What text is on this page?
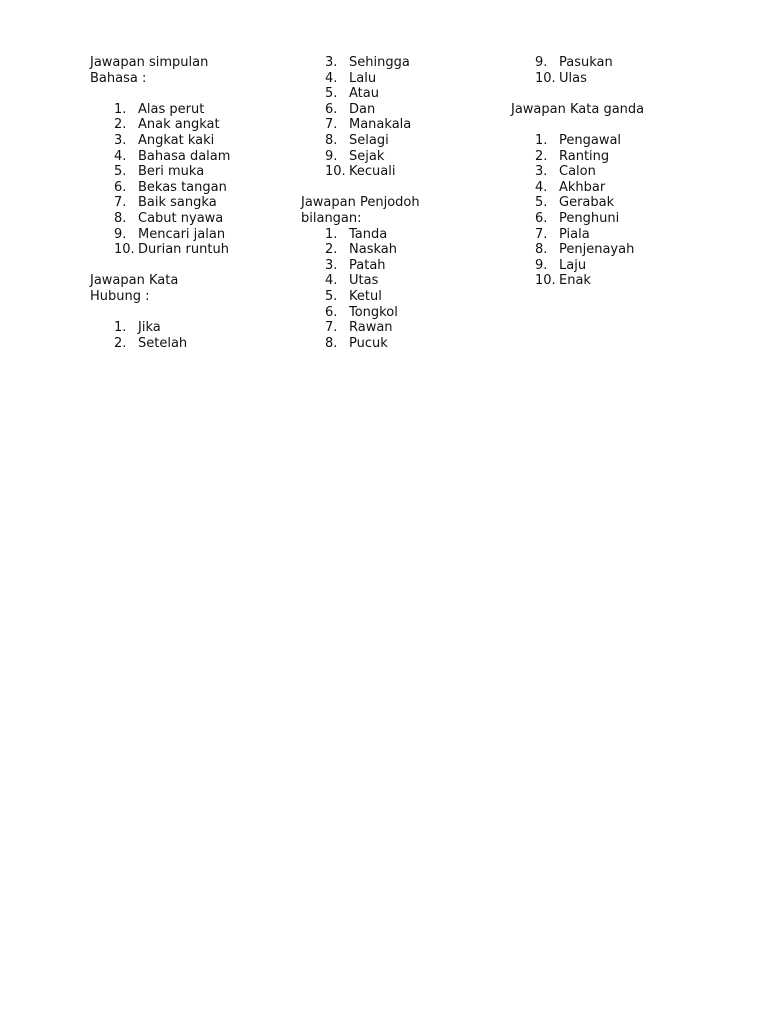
Jawapan simpulan
Bahasa :
1. Alas perut
2. Anak angkat
3. Angkat kaki
4. Bahasa dalam
5. Beri muka
6. Bekas tangan
7. Baik sangka
8. Cabut nyawa
9. Mencari jalan
10. Durian runtuh
Jawapan Kata
Hubung :
1. Jika
2. Setelah
3. Sehingga
4. Lalu
5. Atau
6. Dan
7. Manakala
8. Selagi
9. Sejak
10. Kecuali
Jawapan Penjodoh
bilangan:
1. Tanda
2. Naskah
3. Patah
4. Utas
5. Ketul
6. Tongkol
7. Rawan
8. Pucuk
9. Pasukan
10. Ulas
Jawapan Kata ganda
1. Pengawal
2. Ranting
3. Calon
4. Akhbar
5. Gerabak
6. Penghuni
7. Piala
8. Penjenayah
9. Laju
10. Enak
